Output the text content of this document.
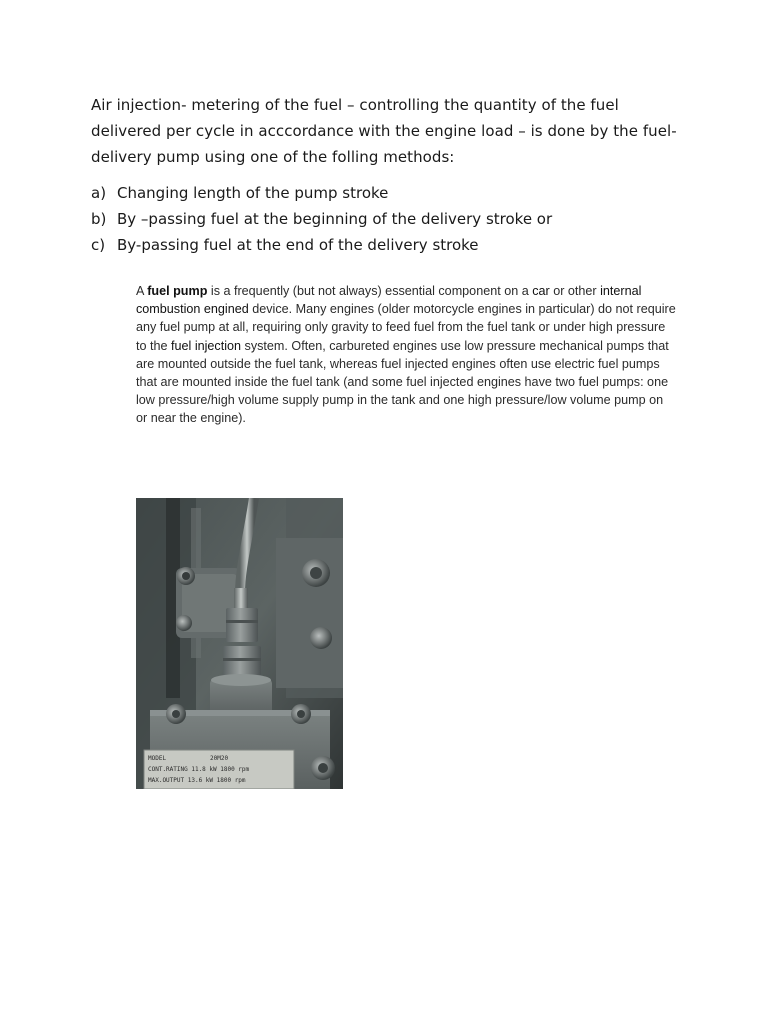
Air injection- metering of the fuel – controlling the quantity of the fuel delivered per cycle in acccordance with the engine load – is done by the fuel-delivery pump using one of the folling methods:

a) Changing length of the pump stroke
b) By –passing fuel at the beginning of the delivery stroke or
c) By-passing fuel at the end of the delivery stroke

A fuel pump is a frequently (but not always) essential component on a car or other internal combustion engined device. Many engines (older motorcycle engines in particular) do not require any fuel pump at all, requiring only gravity to feed fuel from the fuel tank or under high pressure to the fuel injection system. Often, carbureted engines use low pressure mechanical pumps that are mounted outside the fuel tank, whereas fuel injected engines often use electric fuel pumps that are mounted inside the fuel tank (and some fuel injected engines have two fuel pumps: one low pressure/high volume supply pump in the tank and one high pressure/low volume pump on or near the engine).

MODEL	20M20
CONT.RATING 11.8 kW 1800 rpm
MAX.OUTPUT 13.6 kW 1800 rpm
